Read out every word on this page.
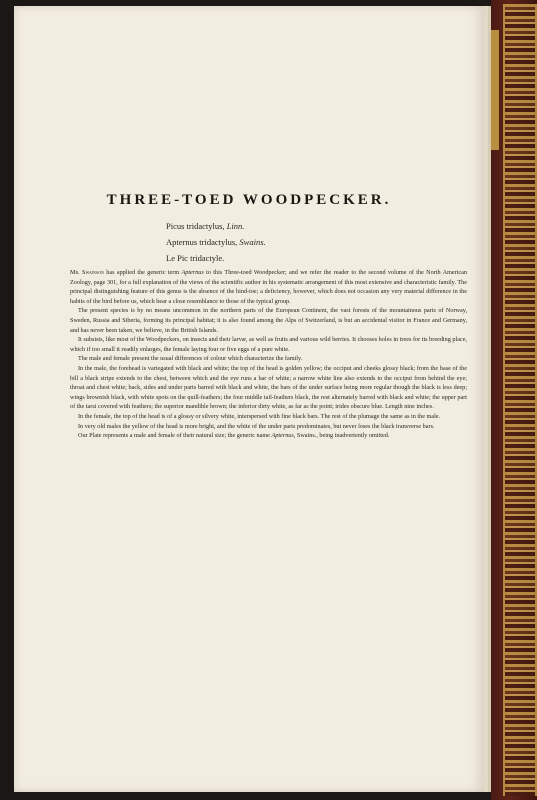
THREE-TOED WOODPECKER.
Picus tridactylus, Linn.
Apternus tridactylus, Swains.
Le Pic tridactyle.

Mr. Swainson has applied the generic term Apternus to this Three-toed Woodpecker; and we refer the reader to the second volume of the North American Zoology, page 301, for a full explanation of the views of the scientific author in his systematic arrangement of this most extensive and characteristic family. The principal distinguishing feature of this genus is the absence of the hind-toe; a deficiency, however, which does not occasion any very material difference in the habits of the bird before us, which bear a close resemblance to those of the typical group.

The present species is by no means uncommon in the northern parts of the European Continent, the vast forests of the mountainous parts of Norway, Sweden, Russia and Siberia, forming its principal habitat; it is also found among the Alps of Switzerland, is but an accidental visitor in France and Germany, and has never been taken, we believe, in the British Islands.

It subsists, like most of the Woodpeckers, on insects and their larvæ, as well as fruits and various wild berries. It chooses holes in trees for its breeding place, which if too small it readily enlarges, the female laying four or five eggs of a pure white.

The male and female present the usual differences of colour which characterize the family.

In the male, the forehead is variegated with black and white; the top of the head is golden yellow; the occiput and cheeks glossy black; from the base of the bill a black stripe extends to the chest, between which and the eye runs a bar of white; a narrow white line also extends to the occiput from behind the eye; throat and chest white; back, sides and under parts barred with black and white, the bars of the under surface being more regular though the black is less deep; wings brownish black, with white spots on the quill-feathers; the four middle tail-feathers black, the rest alternately barred with black and white; the upper part of the tarsi covered with feathers; the superior mandible brown; the inferior dirty white, as far as the point; irides obscure blue. Length nine inches.

In the female, the top of the head is of a glossy or silvery white, interspersed with fine black bars. The rest of the plumage the same as in the male.

In very old males the yellow of the head is more bright, and the white of the under parts predominates, but never loses the black transverse bars.

Our Plate represents a male and female of their natural size; the generic name Apternus, Swains., being inadvertently omitted.
